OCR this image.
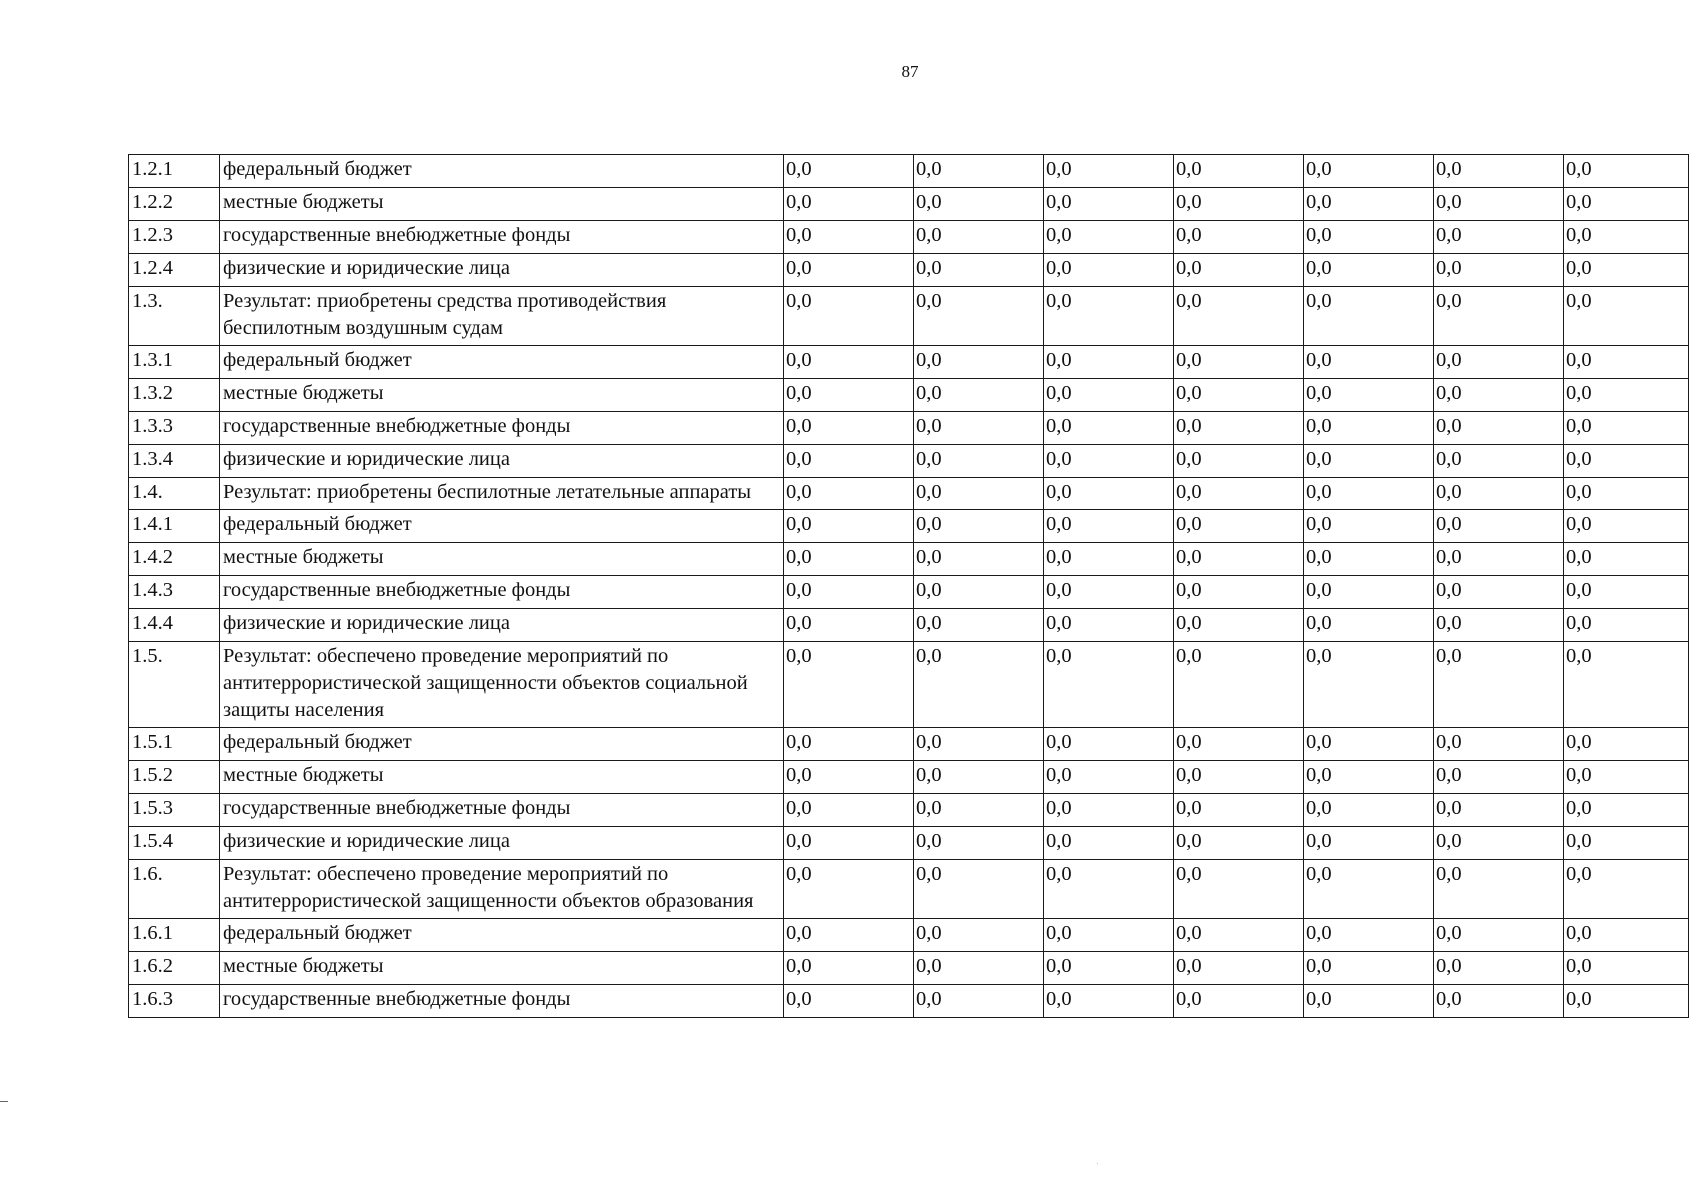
87
1.2.1	федеральный бюджет	0,0	0,0	0,0	0,0	0,0	0,0	0,0
1.2.2	местные бюджеты	0,0	0,0	0,0	0,0	0,0	0,0	0,0
1.2.3	государственные внебюджетные фонды	0,0	0,0	0,0	0,0	0,0	0,0	0,0
1.2.4	физические и юридические лица	0,0	0,0	0,0	0,0	0,0	0,0	0,0
1.3.	Результат: приобретены средства противодействия беспилотным воздушным судам	0,0	0,0	0,0	0,0	0,0	0,0	0,0
1.3.1	федеральный бюджет	0,0	0,0	0,0	0,0	0,0	0,0	0,0
1.3.2	местные бюджеты	0,0	0,0	0,0	0,0	0,0	0,0	0,0
1.3.3	государственные внебюджетные фонды	0,0	0,0	0,0	0,0	0,0	0,0	0,0
1.3.4	физические и юридические лица	0,0	0,0	0,0	0,0	0,0	0,0	0,0
1.4.	Результат: приобретены беспилотные летательные аппараты	0,0	0,0	0,0	0,0	0,0	0,0	0,0
1.4.1	федеральный бюджет	0,0	0,0	0,0	0,0	0,0	0,0	0,0
1.4.2	местные бюджеты	0,0	0,0	0,0	0,0	0,0	0,0	0,0
1.4.3	государственные внебюджетные фонды	0,0	0,0	0,0	0,0	0,0	0,0	0,0
1.4.4	физические и юридические лица	0,0	0,0	0,0	0,0	0,0	0,0	0,0
1.5.	Результат: обеспечено проведение мероприятий по антитеррористической защищенности объектов социальной защиты населения	0,0	0,0	0,0	0,0	0,0	0,0	0,0
1.5.1	федеральный бюджет	0,0	0,0	0,0	0,0	0,0	0,0	0,0
1.5.2	местные бюджеты	0,0	0,0	0,0	0,0	0,0	0,0	0,0
1.5.3	государственные внебюджетные фонды	0,0	0,0	0,0	0,0	0,0	0,0	0,0
1.5.4	физические и юридические лица	0,0	0,0	0,0	0,0	0,0	0,0	0,0
1.6.	Результат: обеспечено проведение мероприятий по антитеррористической защищенности объектов образования	0,0	0,0	0,0	0,0	0,0	0,0	0,0
1.6.1	федеральный бюджет	0,0	0,0	0,0	0,0	0,0	0,0	0,0
1.6.2	местные бюджеты	0,0	0,0	0,0	0,0	0,0	0,0	0,0
1.6.3	государственные внебюджетные фонды	0,0	0,0	0,0	0,0	0,0	0,0	0,0
